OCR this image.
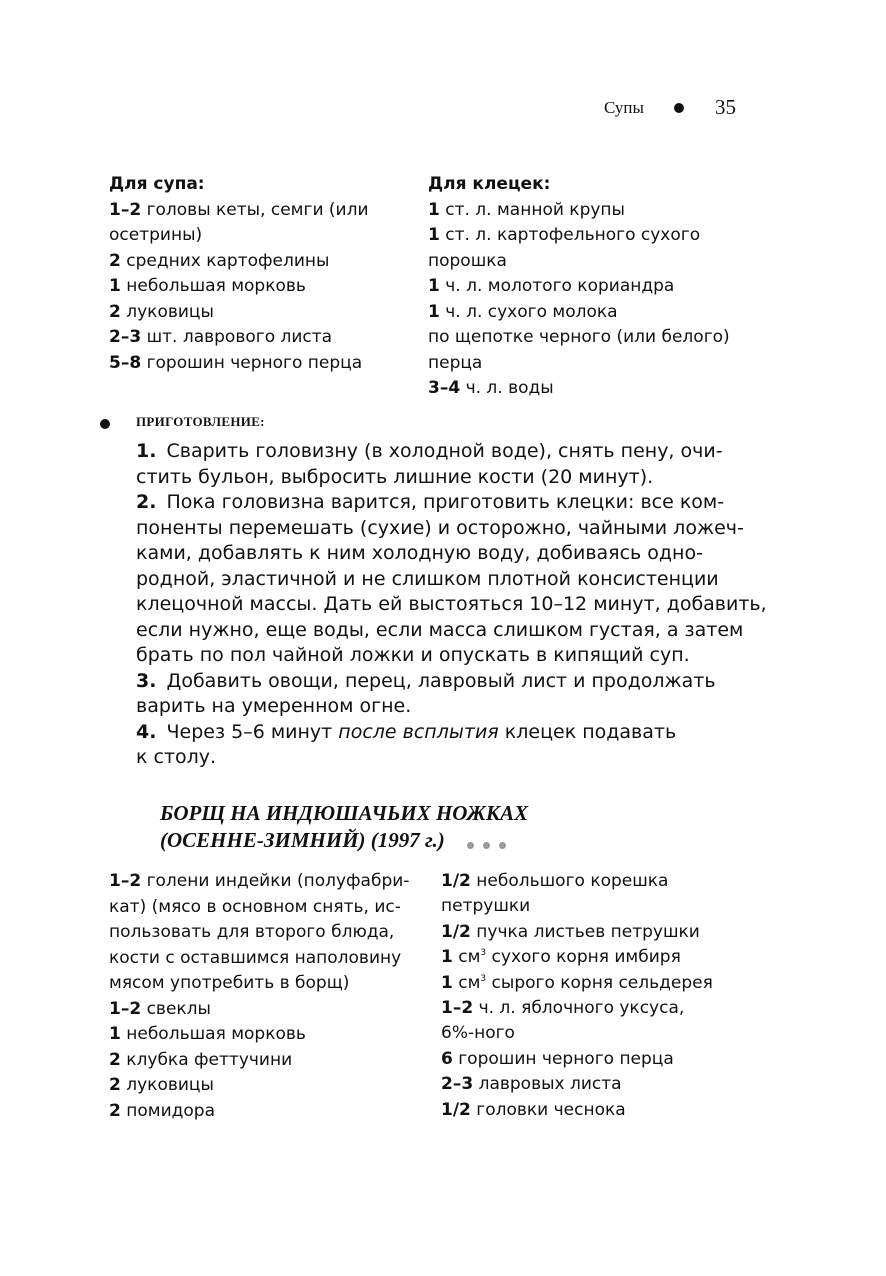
Супы	35
Для супа:
1–2 головы кеты, семги (или
осетрины)
2 средних картофелины
1 небольшая морковь
2 луковицы
2–3 шт. лаврового листа
5–8 горошин черного перца
Для клецек:
1 ст. л. манной крупы
1 ст. л. картофельного сухого
порошка
1 ч. л. молотого кориандра
1 ч. л. сухого молока
по щепотке черного (или белого)
перца
3–4 ч. л. воды
ПРИГОТОВЛЕНИЕ:
1. Сварить головизну (в холодной воде), снять пену, очи-
стить бульон, выбросить лишние кости (20 минут).
2. Пока головизна варится, приготовить клецки: все ком-
поненты перемешать (сухие) и осторожно, чайными ложеч-
ками, добавлять к ним холодную воду, добиваясь одно-
родной, эластичной и не слишком плотной консистенции
клецочной массы. Дать ей выстояться 10–12 минут, добавить,
если нужно, еще воды, если масса слишком густая, а затем
брать по пол чайной ложки и опускать в кипящий суп.
3. Добавить овощи, перец, лавровый лист и продолжать
варить на умеренном огне.
4. Через 5–6 минут после всплытия клецек подавать
к столу.
БОРЩ НА ИНДЮШАЧЬИХ НОЖКАХ
(ОСЕННЕ-ЗИМНИЙ) (1997 г.)
1–2 голени индейки (полуфабри-
кат) (мясо в основном снять, ис-
пользовать для второго блюда,
кости с оставшимся наполовину
мясом употребить в борщ)
1–2 свеклы
1 небольшая морковь
2 клубка феттучини
2 луковицы
2 помидора
1/2 небольшого корешка
петрушки
1/2 пучка листьев петрушки
1 $см^3$ сухого корня имбиря
1 $см^3$ сырого корня сельдерея
1–2 ч. л. яблочного уксуса,
6%-ного
6 горошин черного перца
2–3 лавровых листа
1/2 головки чеснока
